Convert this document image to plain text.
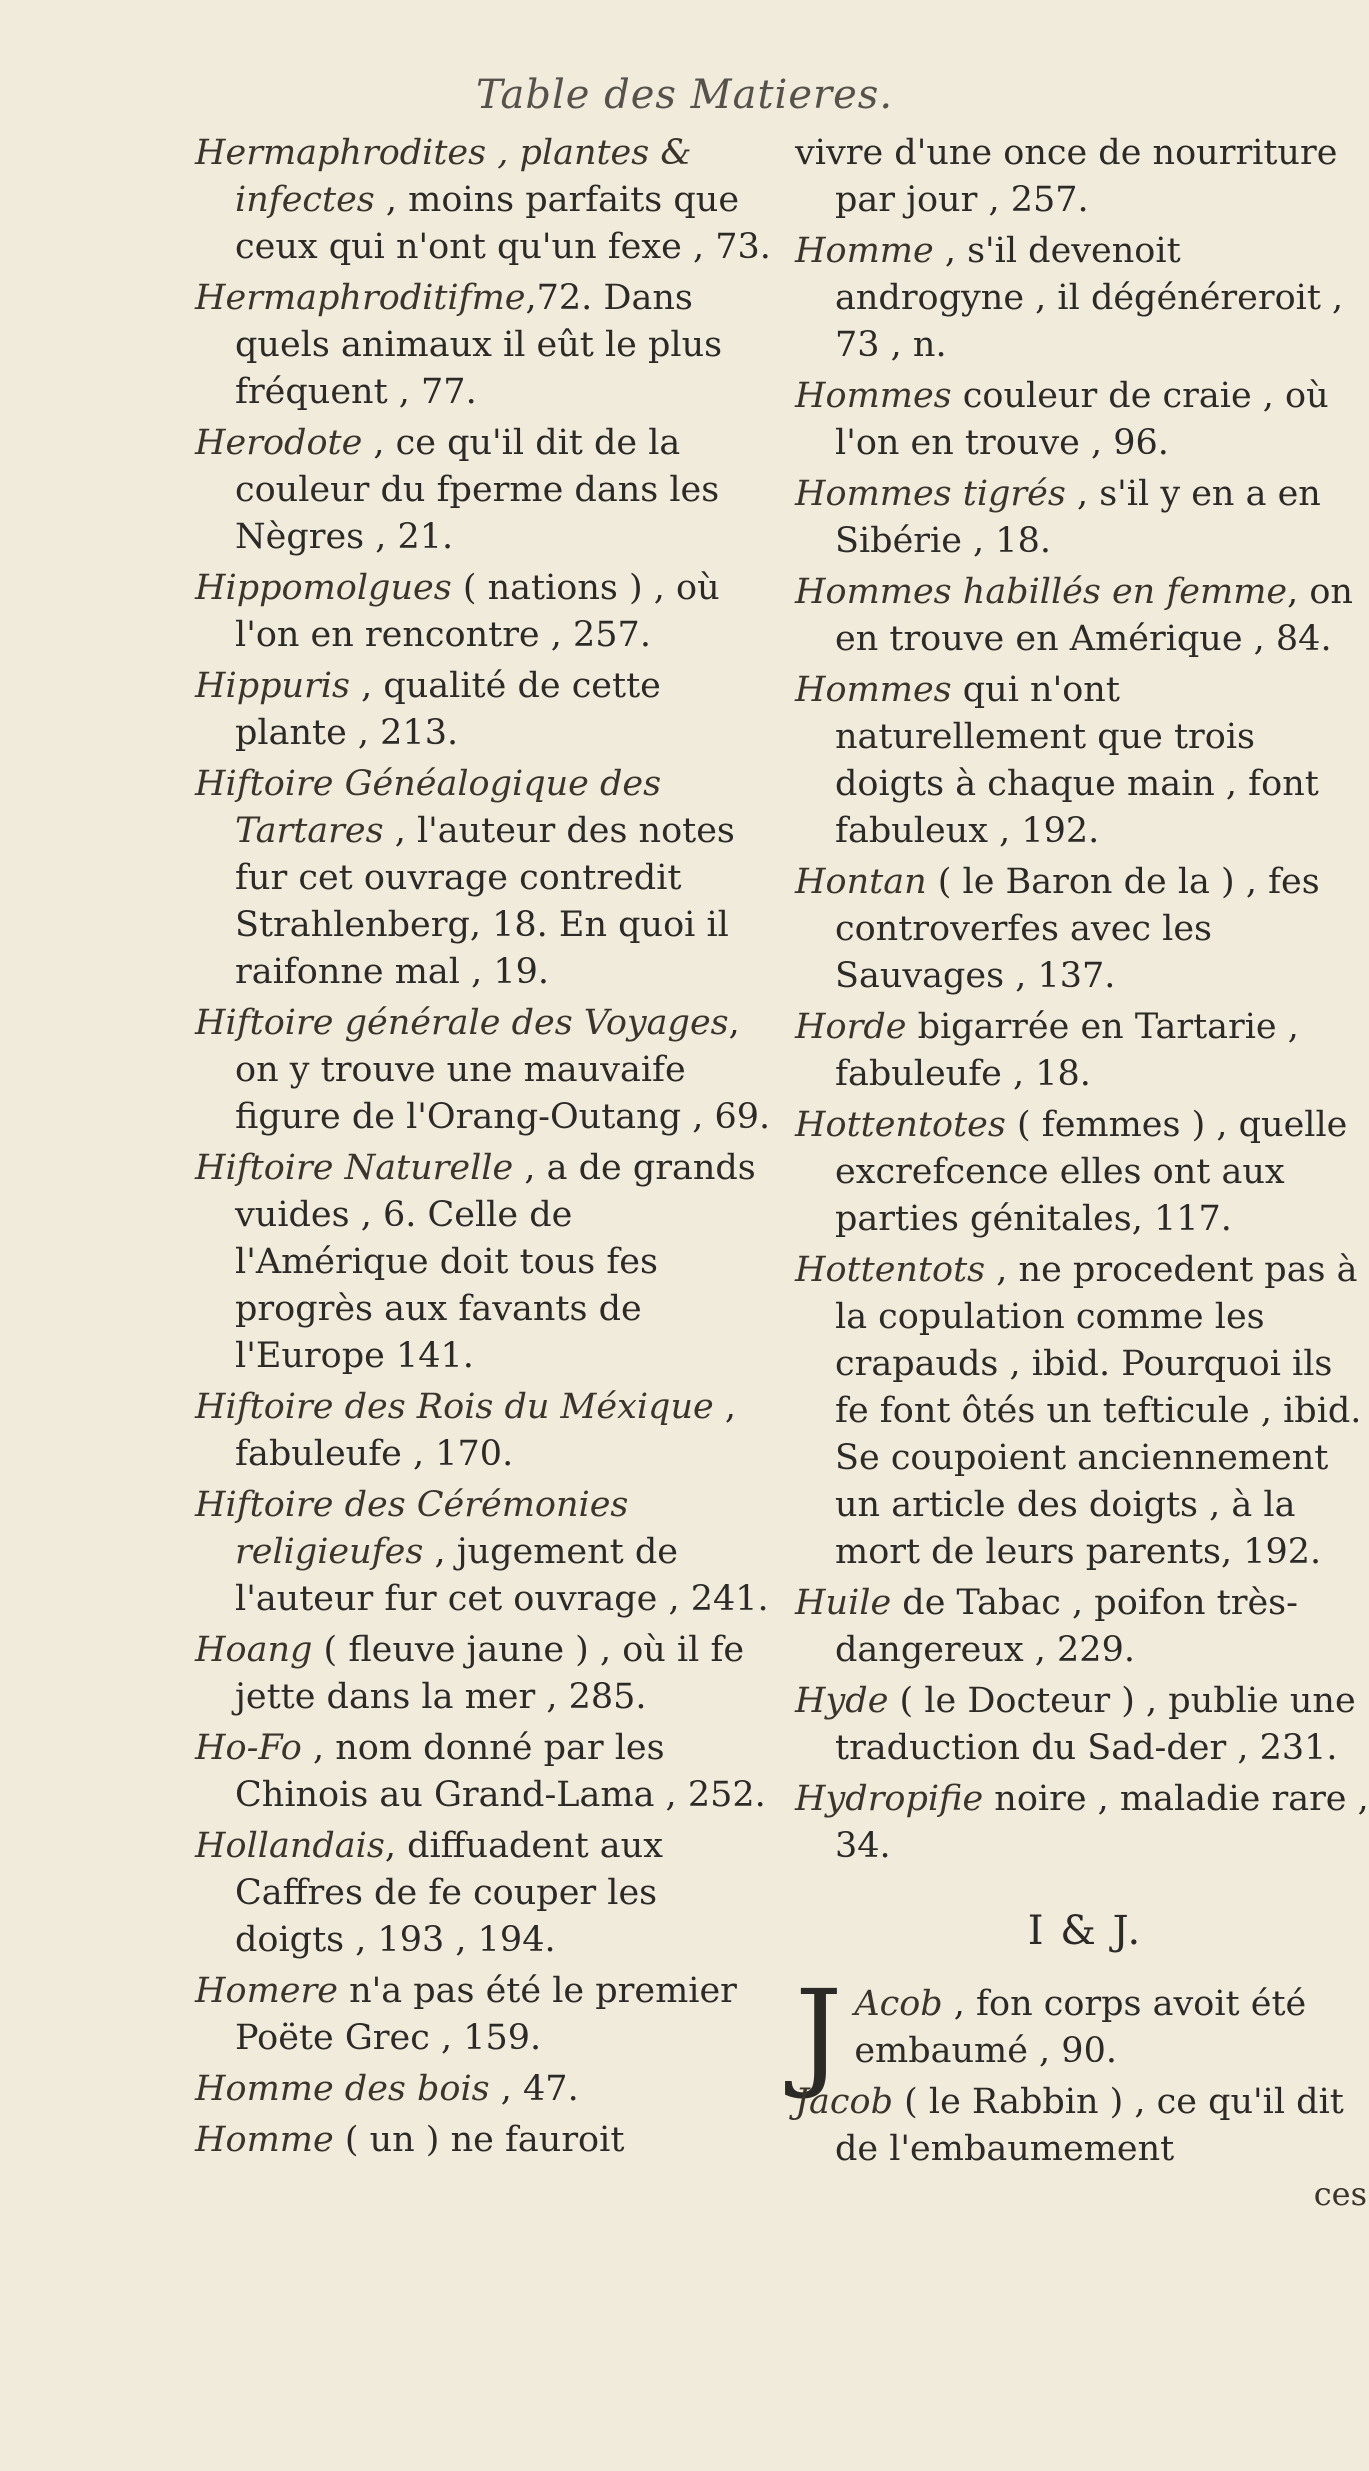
Table des Matieres.
Hermaphrodites , plantes & infectes , moins parfaits que ceux qui n'ont qu'un fexe , 73.
Hermaphroditifme,72. Dans quels animaux il eût le plus fréquent , 77.
Herodote , ce qu'il dit de la couleur du fperme dans les Nègres , 21.
Hippomolgues ( nations ) , où l'on en rencontre , 257.
Hippuris , qualité de cette plante , 213.
Hiftoire Généalogique des Tartares , l'auteur des notes fur cet ouvrage contredit Strahlenberg, 18. En quoi il raifonne mal , 19.
Hiftoire générale des Voyages, on y trouve une mauvaife figure de l'Orang-Outang , 69.
Hiftoire Naturelle , a de grands vuides , 6. Celle de l'Amérique doit tous fes progrès aux favants de l'Europe 141.
Hiftoire des Rois du Méxique , fabuleufe , 170.
Hiftoire des Cérémonies religieufes , jugement de l'auteur fur cet ouvrage , 241.
Hoang ( fleuve jaune ) , où il fe jette dans la mer , 285.
Ho-Fo , nom donné par les Chinois au Grand-Lama , 252.
Hollandais, diffuadent aux Caffres de fe couper les doigts , 193 , 194.
Homere n'a pas été le premier Poëte Grec , 159.
Homme des bois , 47.
Homme ( un ) ne fauroit
vivre d'une once de nourriture par jour , 257.
Homme , s'il devenoit androgyne , il dégénéreroit , 73 , n.
Hommes couleur de craie , où l'on en trouve , 96.
Hommes tigrés , s'il y en a en Sibérie , 18.
Hommes habillés en femme, on en trouve en Amérique , 84.
Hommes qui n'ont naturellement que trois doigts à chaque main , font fabuleux , 192.
Hontan ( le Baron de la ) , fes controverfes avec les Sauvages , 137.
Horde bigarrée en Tartarie , fabuleufe , 18.
Hottentotes ( femmes ) , quelle excrefcence elles ont aux parties génitales, 117.
Hottentots , ne procedent pas à la copulation comme les crapauds , ibid. Pourquoi ils fe font ôtés un tefticule , ibid. Se coupoient anciennement un article des doigts , à la mort de leurs parents, 192.
Huile de Tabac , poifon très-dangereux , 229.
Hyde ( le Docteur ) , publie une traduction du Sad-der , 231.
Hydropifie noire , maladie rare , 34.
I & J.
J Acob , fon corps avoit été embaumé , 90.
Jacob ( le Rabbin ) , ce qu'il dit de l'embaumement
ces
